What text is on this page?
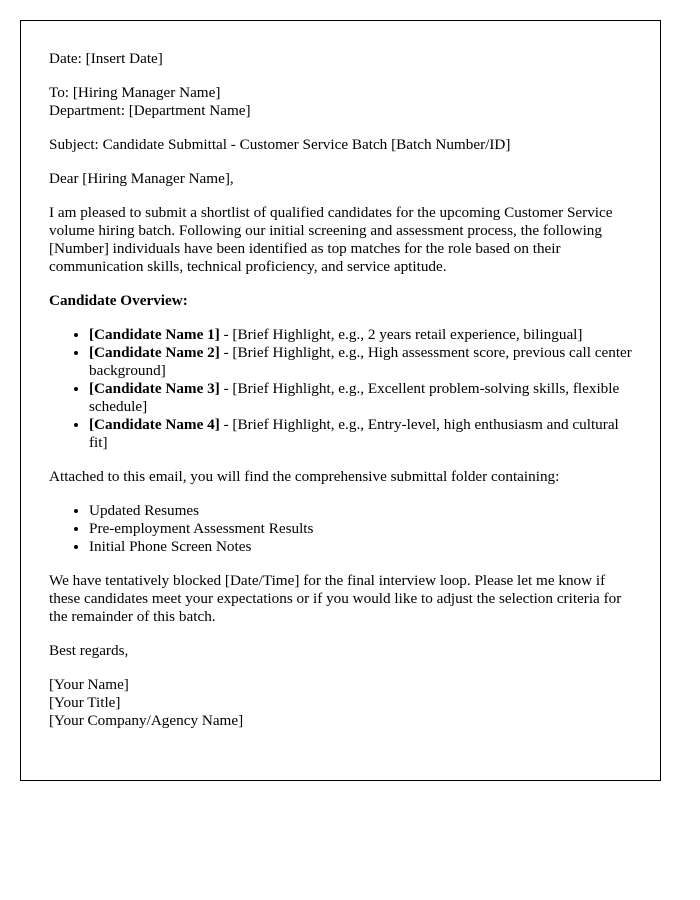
Date: [Insert Date]

To: [Hiring Manager Name]

Department: [Department Name]

Subject: Candidate Submittal - Customer Service Batch [Batch Number/ID]

Dear [Hiring Manager Name],

I am pleased to submit a shortlist of qualified candidates for the upcoming Customer Service volume hiring batch. Following our initial screening and assessment process, the following [Number] individuals have been identified as top matches for the role based on their communication skills, technical proficiency, and service aptitude.

Candidate Overview:

• [Candidate Name 1] - [Brief Highlight, e.g., 2 years retail experience, bilingual]
• [Candidate Name 2] - [Brief Highlight, e.g., High assessment score, previous call center background]
• [Candidate Name 3] - [Brief Highlight, e.g., Excellent problem-solving skills, flexible schedule]
• [Candidate Name 4] - [Brief Highlight, e.g., Entry-level, high enthusiasm and cultural fit]

Attached to this email, you will find the comprehensive submittal folder containing:

• Updated Resumes
• Pre-employment Assessment Results
• Initial Phone Screen Notes

We have tentatively blocked [Date/Time] for the final interview loop. Please let me know if these candidates meet your expectations or if you would like to adjust the selection criteria for the remainder of this batch.

Best regards,

[Your Name]

[Your Title]

[Your Company/Agency Name]
